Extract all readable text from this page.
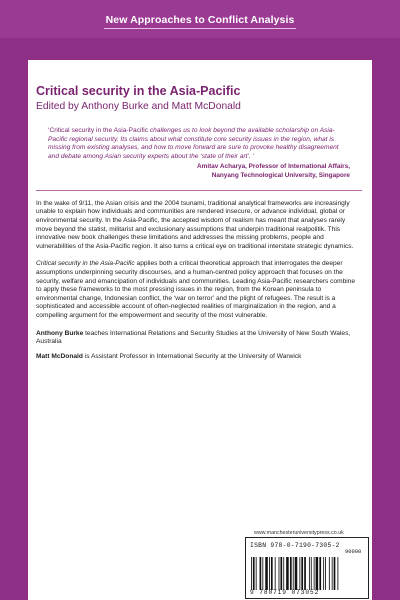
New Approaches to Conflict Analysis
Critical security in the Asia-Pacific
Edited by Anthony Burke and Matt McDonald
‘Critical security in the Asia-Pacific challenges us to look beyond the available scholarship on Asia-Pacific regional security. Its claims about what constitute core security issues in the region, what is missing from existing analyses, and how to move forward are sure to provoke healthy disagreement and debate among Asian security experts about the ‘state of their art’. ’
Amitav Acharya, Professor of International Affairs,
Nanyang Technological University, Singapore

In the wake of 9/11, the Asian crisis and the 2004 tsunami, traditional analytical frameworks are increasingly unable to explain how individuals and communities are rendered insecure, or advance individual, global or environmental security. In the Asia-Pacific, the accepted wisdom of realism has meant that analyses rarely move beyond the statist, militarist and exclusionary assumptions that underpin traditional realpolitik. This innovative new book challenges these limitations and addresses the missing problems, people and vulnerabilities of the Asia-Pacific region. It also turns a critical eye on traditional interstate strategic dynamics.

Critical security in the Asia-Pacific applies both a critical theoretical approach that interrogates the deeper assumptions underpinning security discourses, and a human-centred policy approach that focuses on the security, welfare and emancipation of individuals and communities. Leading Asia-Pacific researchers combine to apply these frameworks to the most pressing issues in the region, from the Korean peninsula to environmental change, Indonesian conflict, the ‘war on terror’ and the plight of refugees. The result is a sophisticated and accessible account of often-neglected realities of marginalization in the region, and a compelling argument for the empowerment and security of the most vulnerable.

Anthony Burke teaches International Relations and Security Studies at the University of New South Wales, Australia

Matt McDonald is Assistant Professor in International Security at the University of Warwick

www.manchesteruniversitypress.co.uk
ISBN 978-0-7190-7305-2
90000
9 780719 073052
